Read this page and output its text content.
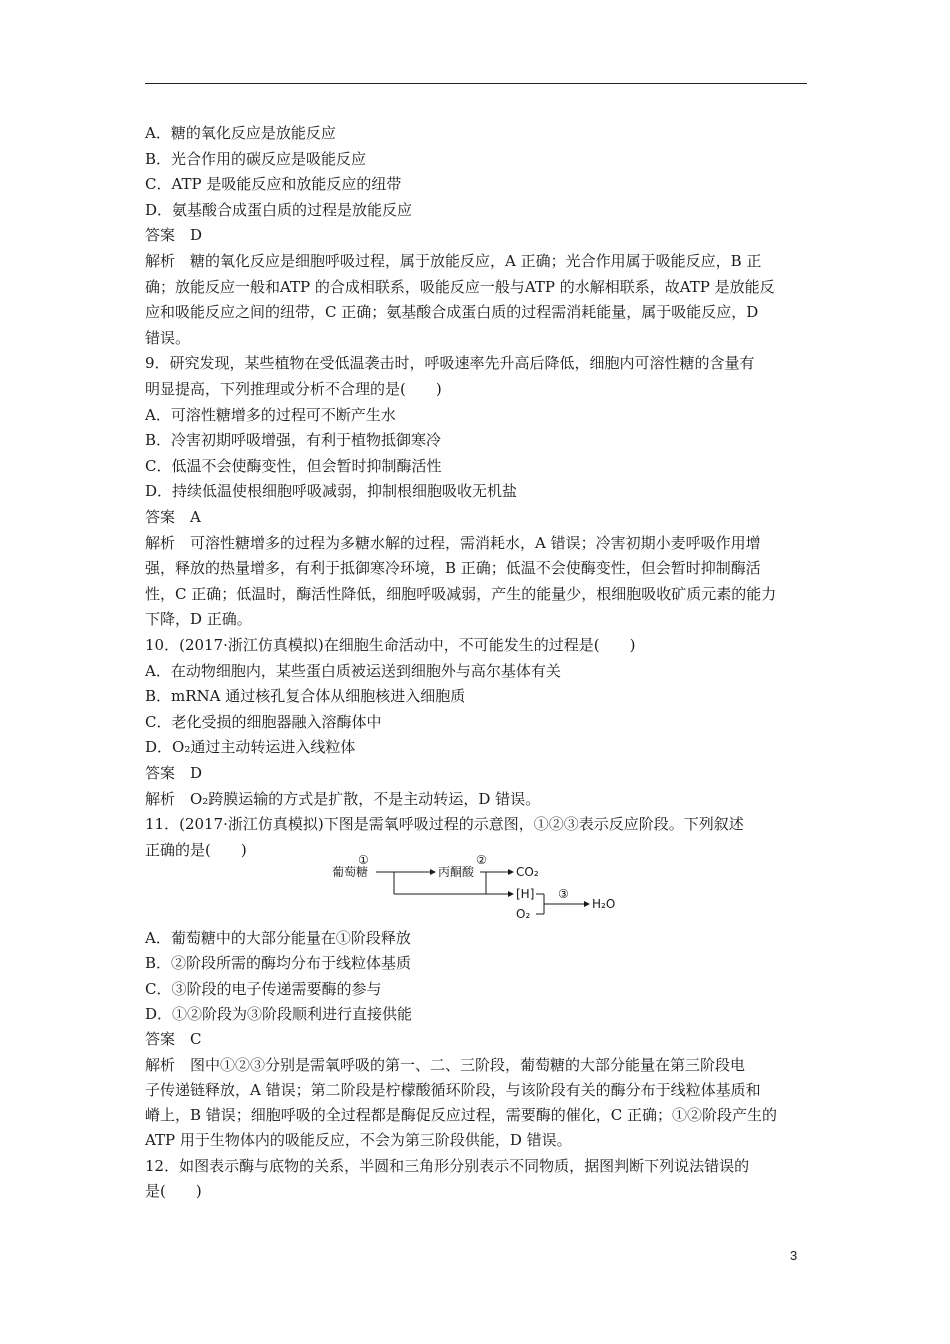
A．糖的氧化反应是放能反应
B．光合作用的碳反应是吸能反应
C．ATP 是吸能反应和放能反应的纽带
D．氨基酸合成蛋白质的过程是放能反应
答案　D
解析　糖的氧化反应是细胞呼吸过程，属于放能反应，A 正确；光合作用属于吸能反应，B 正
确；放能反应一般和ATP 的合成相联系，吸能反应一般与ATP 的水解相联系，故ATP 是放能反
应和吸能反应之间的纽带，C 正确；氨基酸合成蛋白质的过程需消耗能量，属于吸能反应，D
错误。
9．研究发现，某些植物在受低温袭击时，呼吸速率先升高后降低，细胞内可溶性糖的含量有
明显提高，下列推理或分析不合理的是(　　)
A．可溶性糖增多的过程可不断产生水
B．冷害初期呼吸增强，有利于植物抵御寒冷
C．低温不会使酶变性，但会暂时抑制酶活性
D．持续低温使根细胞呼吸减弱，抑制根细胞吸收无机盐
答案　A
解析　可溶性糖增多的过程为多糖水解的过程，需消耗水，A 错误；冷害初期小麦呼吸作用增
强，释放的热量增多，有利于抵御寒冷环境，B 正确；低温不会使酶变性，但会暂时抑制酶活
性，C 正确；低温时，酶活性降低，细胞呼吸减弱，产生的能量少，根细胞吸收矿质元素的能力
下降，D 正确。
10．(2017·浙江仿真模拟)在细胞生命活动中，不可能发生的过程是(　　)
A．在动物细胞内，某些蛋白质被运送到细胞外与高尔基体有关
B．mRNA 通过核孔复合体从细胞核进入细胞质
C．老化受损的细胞器融入溶酶体中
D．O₂通过主动转运进入线粒体
答案　D
解析　O₂跨膜运输的方式是扩散，不是主动转运，D 错误。
11．(2017·浙江仿真模拟)下图是需氧呼吸过程的示意图，①②③表示反应阶段。下列叙述
正确的是(　　)
A．葡萄糖中的大部分能量在①阶段释放
B．②阶段所需的酶均分布于线粒体基质
C．③阶段的电子传递需要酶的参与
D．①②阶段为③阶段顺利进行直接供能
答案　C
解析　图中①②③分别是需氧呼吸的第一、二、三阶段，葡萄糖的大部分能量在第三阶段电
子传递链释放，A 错误；第二阶段是柠檬酸循环阶段，与该阶段有关的酶分布于线粒体基质和
嵴上，B 错误；细胞呼吸的全过程都是酶促反应过程，需要酶的催化，C 正确；①②阶段产生的
ATP 用于生物体内的吸能反应，不会为第三阶段供能，D 错误。
12．如图表示酶与底物的关系，半圆和三角形分别表示不同物质，据图判断下列说法错误的
是(　　)
葡萄糖
①
丙酮酸
②
CO₂
[H]
O₂
③
H₂O
3
